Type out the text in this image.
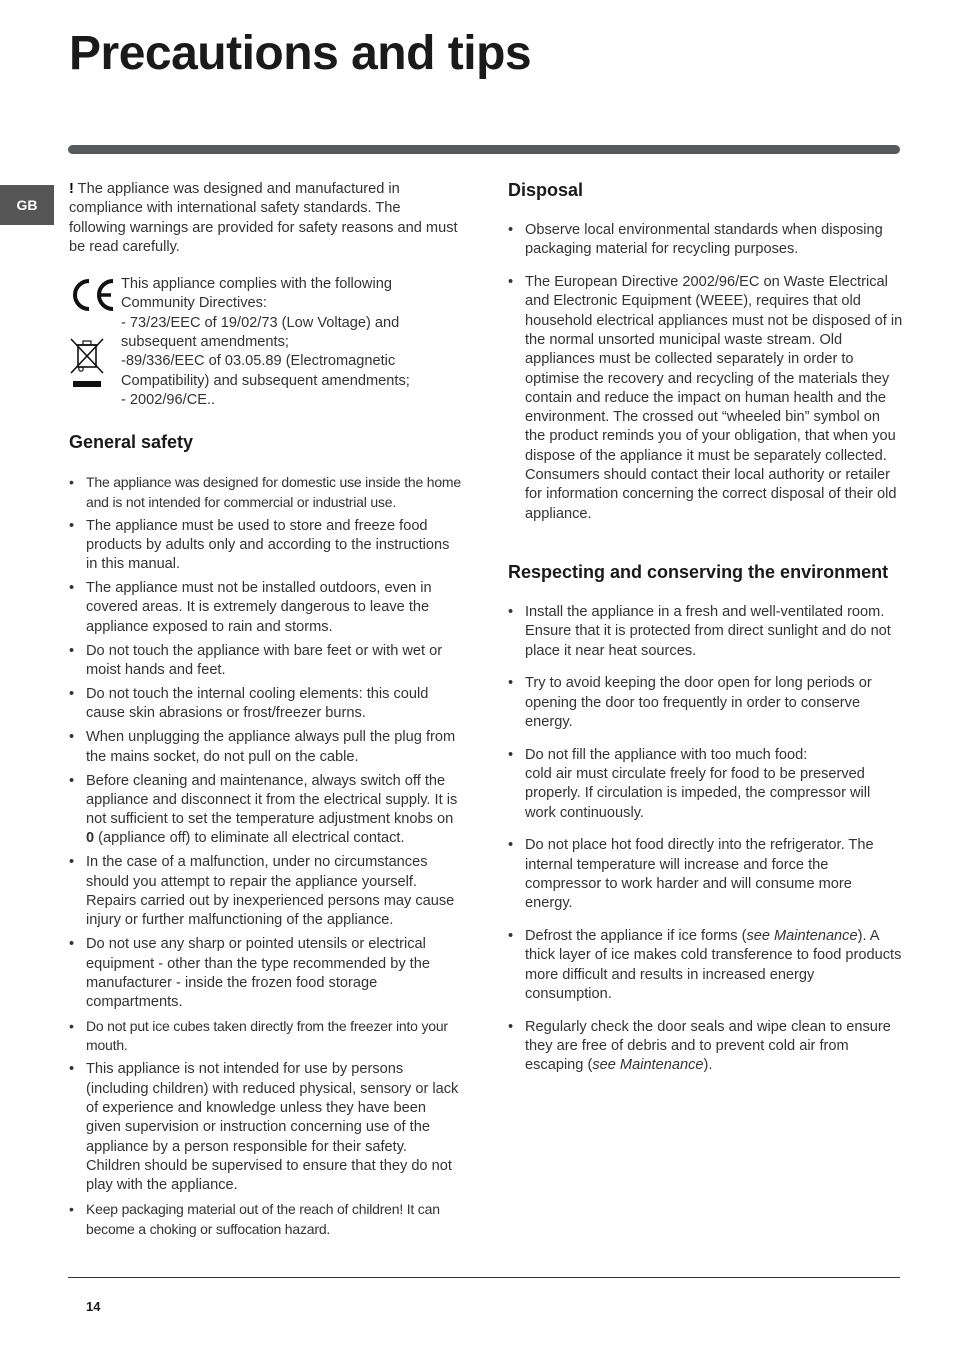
Precautions and tips
GB

! The appliance was designed and manufactured in compliance with international safety standards. The following warnings are provided for safety reasons and must be read carefully.

This appliance complies with the following Community Directives:

- 73/23/EEC of 19/02/73 (Low Voltage) and subsequent amendments;

-89/336/EEC of 03.05.89 (Electromagnetic Compatibility) and subsequent amendments;

- 2002/96/CE..

General safety
• The appliance was designed for domestic use inside the home and is not intended for commercial or industrial use.
• The appliance must be used to store and freeze food products by adults only and according to the instructions in this manual.
• The appliance must not be installed outdoors, even in covered areas. It is extremely dangerous to leave the appliance exposed to rain and storms.
• Do not touch the appliance with bare feet or with wet or moist hands and feet.
• Do not touch the internal cooling elements: this could cause skin abrasions or frost/freezer burns.
• When unplugging the appliance always pull the plug from the mains socket, do not pull on the cable.
• Before cleaning and maintenance, always switch off the appliance and disconnect it from the electrical supply. It is not sufficient to set the temperature adjustment knobs on 0 (appliance off) to eliminate all electrical contact.
• In the case of a malfunction, under no circumstances should you attempt to repair the appliance yourself. Repairs carried out by inexperienced persons may cause injury or further malfunctioning of the appliance.
• Do not use any sharp or pointed utensils or electrical equipment - other than the type recommended by the manufacturer - inside the frozen food storage compartments.
• Do not put ice cubes taken directly from the freezer into your mouth.
• This appliance is not intended for use by persons (including children) with reduced physical, sensory or lack of experience and knowledge unless they have been given supervision or instruction concerning use of the appliance by a person responsible for their safety. Children should be supervised to ensure that they do not play with the appliance.
• Keep packaging material out of the reach of children! It can become a choking or suffocation hazard.
Disposal
• Observe local environmental standards when disposing packaging material for recycling purposes.
• The European Directive 2002/96/EC on Waste Electrical and Electronic Equipment (WEEE), requires that old household electrical appliances must not be disposed of in the normal unsorted municipal waste stream. Old appliances must be collected separately in order to optimise the recovery and recycling of the materials they contain and reduce the impact on human health and the environment. The crossed out “wheeled bin” symbol on the product reminds you of your obligation, that when you dispose of the appliance it must be separately collected. Consumers should contact their local authority or retailer for information concerning the correct disposal of their old appliance.
Respecting and conserving the environment
• Install the appliance in a fresh and well-ventilated room. Ensure that it is protected from direct sunlight and do not place it near heat sources.
• Try to avoid keeping the door open for long periods or opening the door too frequently in order to conserve energy.
• Do not fill the appliance with too much food:
cold air must circulate freely for food to be preserved properly. If circulation is impeded, the compressor will work continuously.
• Do not place hot food directly into the refrigerator. The internal temperature will increase and force the compressor to work harder and will consume more energy.
• Defrost the appliance if ice forms (see Maintenance). A thick layer of ice makes cold transference to food products more difficult and results in increased energy consumption.
• Regularly check the door seals and wipe clean to ensure they are free of debris and to prevent cold air from escaping (see Maintenance).
14
